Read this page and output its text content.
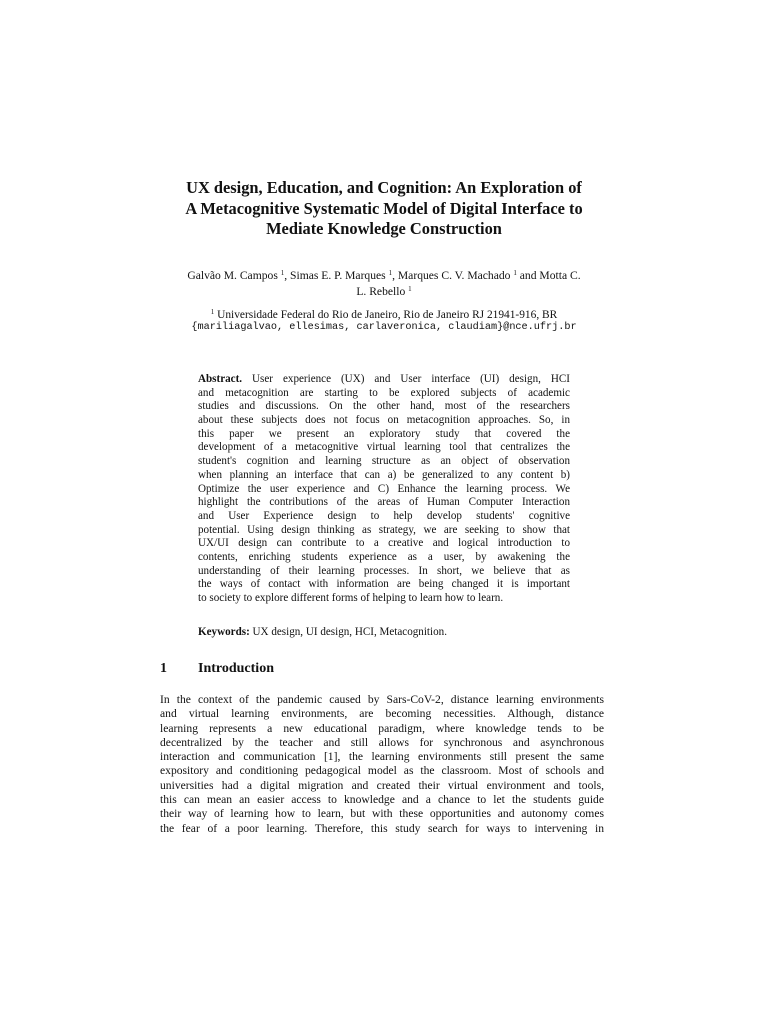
UX design, Education, and Cognition: An Exploration of
A Metacognitive Systematic Model of Digital Interface to
Mediate Knowledge Construction
Galvão M. Campos $^1$, Simas E. P. Marques $^1$, Marques C. V. Machado $^1$ and Motta C.
L. Rebello $^1$
$^1$ Universidade Federal do Rio de Janeiro, Rio de Janeiro RJ 21941-916, BR
{mariliagalvao, ellesimas, carlaveronica, claudiam}@nce.ufrj.br
Abstract. User experience (UX) and User interface (UI) design, HCI
and metacognition are starting to be explored subjects of academic
studies and discussions. On the other hand, most of the researchers
about these subjects does not focus on metacognition approaches. So, in
this paper we present an exploratory study that covered the
development of a metacognitive virtual learning tool that centralizes the
student's cognition and learning structure as an object of observation
when planning an interface that can a) be generalized to any content b)
Optimize the user experience and C) Enhance the learning process. We
highlight the contributions of the areas of Human Computer Interaction
and User Experience design to help develop students' cognitive
potential. Using design thinking as strategy, we are seeking to show that
UX/UI design can contribute to a creative and logical introduction to
contents, enriching students experience as a user, by awakening the
understanding of their learning processes. In short, we believe that as
the ways of contact with information are being changed it is important
to society to explore different forms of helping to learn how to learn.
Keywords: UX design, UI design, HCI, Metacognition.
1 Introduction
In the context of the pandemic caused by Sars-CoV-2, distance learning environments
and virtual learning environments, are becoming necessities. Although, distance
learning represents a new educational paradigm, where knowledge tends to be
decentralized by the teacher and still allows for synchronous and asynchronous
interaction and communication [1], the learning environments still present the same
expository and conditioning pedagogical model as the classroom. Most of schools and
universities had a digital migration and created their virtual environment and tools,
this can mean an easier access to knowledge and a chance to let the students guide
their way of learning how to learn, but with these opportunities and autonomy comes
the fear of a poor learning. Therefore, this study search for ways to intervening in
